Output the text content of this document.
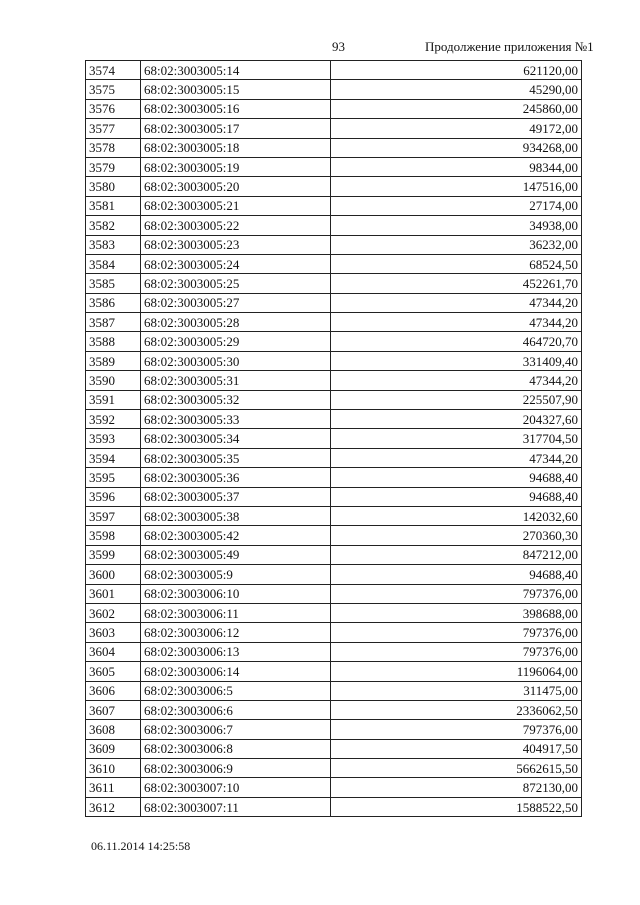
93	Продолжение приложения №1
3574	68:02:3003005:14	621120,00
3575	68:02:3003005:15	45290,00
3576	68:02:3003005:16	245860,00
3577	68:02:3003005:17	49172,00
3578	68:02:3003005:18	934268,00
3579	68:02:3003005:19	98344,00
3580	68:02:3003005:20	147516,00
3581	68:02:3003005:21	27174,00
3582	68:02:3003005:22	34938,00
3583	68:02:3003005:23	36232,00
3584	68:02:3003005:24	68524,50
3585	68:02:3003005:25	452261,70
3586	68:02:3003005:27	47344,20
3587	68:02:3003005:28	47344,20
3588	68:02:3003005:29	464720,70
3589	68:02:3003005:30	331409,40
3590	68:02:3003005:31	47344,20
3591	68:02:3003005:32	225507,90
3592	68:02:3003005:33	204327,60
3593	68:02:3003005:34	317704,50
3594	68:02:3003005:35	47344,20
3595	68:02:3003005:36	94688,40
3596	68:02:3003005:37	94688,40
3597	68:02:3003005:38	142032,60
3598	68:02:3003005:42	270360,30
3599	68:02:3003005:49	847212,00
3600	68:02:3003005:9	94688,40
3601	68:02:3003006:10	797376,00
3602	68:02:3003006:11	398688,00
3603	68:02:3003006:12	797376,00
3604	68:02:3003006:13	797376,00
3605	68:02:3003006:14	1196064,00
3606	68:02:3003006:5	311475,00
3607	68:02:3003006:6	2336062,50
3608	68:02:3003006:7	797376,00
3609	68:02:3003006:8	404917,50
3610	68:02:3003006:9	5662615,50
3611	68:02:3003007:10	872130,00
3612	68:02:3003007:11	1588522,50
06.11.2014 14:25:58
